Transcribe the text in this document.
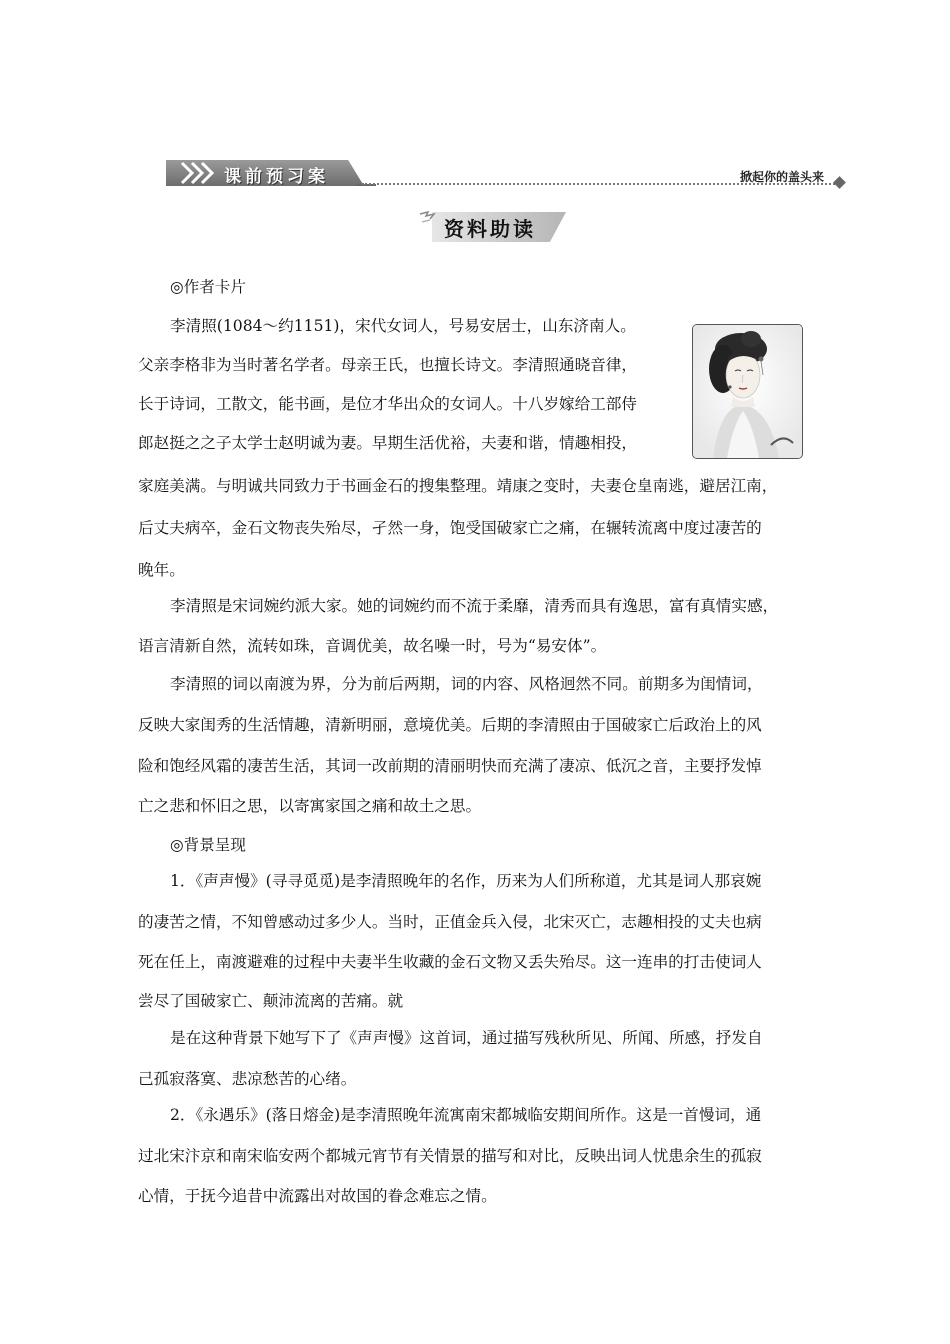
课前预习案	掀起你的盖头来
资料助读
◎作者卡片
李清照(1084～约1151)，宋代女词人，号易安居士，山东济南人。
父亲李格非为当时著名学者。母亲王氏，也擅长诗文。李清照通晓音律，
长于诗词，工散文，能书画，是位才华出众的女词人。十八岁嫁给工部侍
郎赵挺之之子太学士赵明诚为妻。早期生活优裕，夫妻和谐，情趣相投，
家庭美满。与明诚共同致力于书画金石的搜集整理。靖康之变时，夫妻仓皇南逃，避居江南，
后丈夫病卒，金石文物丧失殆尽，孑然一身，饱受国破家亡之痛，在辗转流离中度过凄苦的
晚年。
李清照是宋词婉约派大家。她的词婉约而不流于柔靡，清秀而具有逸思，富有真情实感，
语言清新自然，流转如珠，音调优美，故名噪一时，号为“易安体”。
李清照的词以南渡为界，分为前后两期，词的内容、风格迥然不同。前期多为闺情词，
反映大家闺秀的生活情趣，清新明丽，意境优美。后期的李清照由于国破家亡后政治上的风
险和饱经风霜的凄苦生活，其词一改前期的清丽明快而充满了凄凉、低沉之音，主要抒发悼
亡之悲和怀旧之思，以寄寓家国之痛和故土之思。
◎背景呈现
1．《声声慢》(寻寻觅觅)是李清照晚年的名作，历来为人们所称道，尤其是词人那哀婉
的凄苦之情，不知曾感动过多少人。当时，正值金兵入侵，北宋灭亡，志趣相投的丈夫也病
死在任上，南渡避难的过程中夫妻半生收藏的金石文物又丢失殆尽。这一连串的打击使词人
尝尽了国破家亡、颠沛流离的苦痛。就
是在这种背景下她写下了《声声慢》这首词，通过描写残秋所见、所闻、所感，抒发自
己孤寂落寞、悲凉愁苦的心绪。
2．《永遇乐》(落日熔金)是李清照晚年流寓南宋都城临安期间所作。这是一首慢词，通
过北宋汴京和南宋临安两个都城元宵节有关情景的描写和对比，反映出词人忧患余生的孤寂
心情，于抚今追昔中流露出对故国的眷念难忘之情。
